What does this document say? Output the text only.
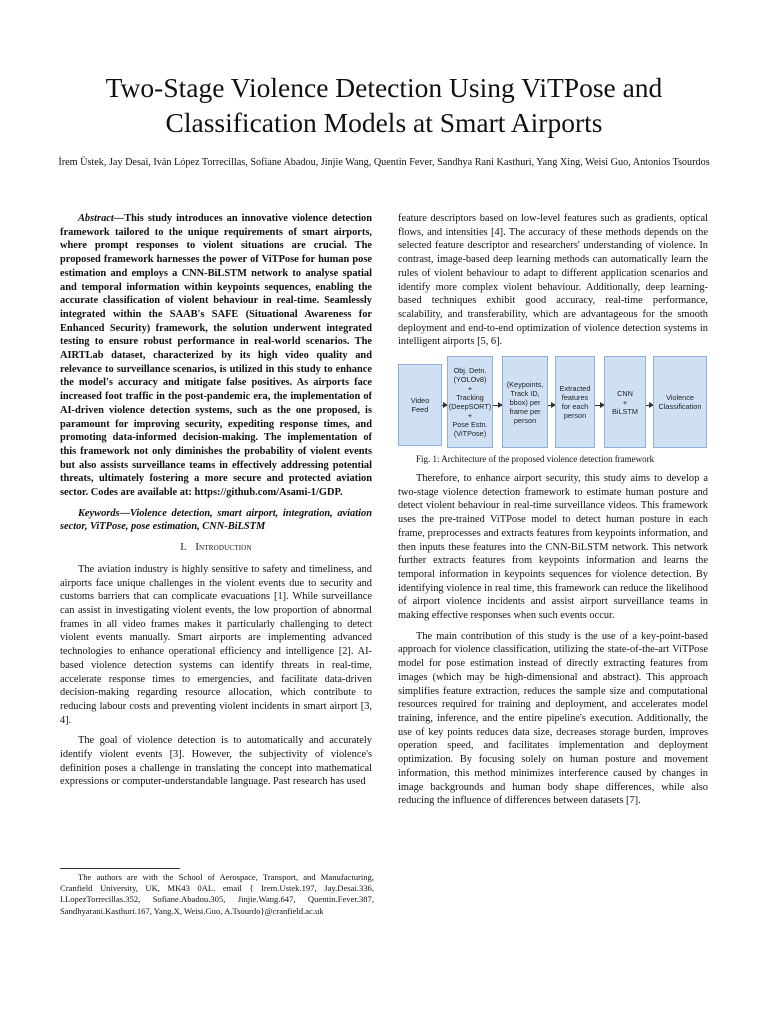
Two-Stage Violence Detection Using ViTPose and Classification Models at Smart Airports
İrem Üstek, Jay Desai, Iván López Torrecillas, Sofiane Abadou, Jinjie Wang, Quentin Fever, Sandhya Rani Kasthuri, Yang Xing, Weisi Guo, Antonios Tsourdos

Abstract—This study introduces an innovative violence detection framework tailored to the unique requirements of smart airports, where prompt responses to violent situations are crucial. The proposed framework harnesses the power of ViTPose for human pose estimation and employs a CNN-BiLSTM network to analyse spatial and temporal information within keypoints sequences, enabling the accurate classification of violent behaviour in real-time. Seamlessly integrated within the SAAB's SAFE (Situational Awareness for Enhanced Security) framework, the solution underwent integrated testing to ensure robust performance in real-world scenarios. The AIRTLab dataset, characterized by its high video quality and relevance to surveillance scenarios, is utilized in this study to enhance the model's accuracy and mitigate false positives. As airports face increased foot traffic in the post-pandemic era, the implementation of AI-driven violence detection systems, such as the one proposed, is paramount for improving security, expediting response times, and promoting data-informed decision-making. The implementation of this framework not only diminishes the probability of violent events but also assists surveillance teams in effectively addressing potential threats, ultimately fostering a more secure and protected aviation sector. Codes are available at: https://github.com/Asami-1/GDP.

Keywords—Violence detection, smart airport, integration, aviation sector, ViTPose, pose estimation, CNN-BiLSTM

I. Introduction

The aviation industry is highly sensitive to safety and timeliness, and airports face unique challenges in the violent events due to security and customs barriers that can complicate evacuations [1]. While surveillance can assist in investigating violent events, the low proportion of abnormal frames in all video frames makes it particularly challenging to detect violent events manually. Smart airports are implementing advanced technologies to enhance operational efficiency and intelligence [2]. AI-based violence detection systems can identify threats in real-time, accelerate response times to emergencies, and facilitate data-driven decision-making regarding resource allocation, which contribute to reducing labour costs and preventing violent incidents in smart airport [3, 4].

The goal of violence detection is to automatically and accurately identify violent events [3]. However, the subjectivity of violence's definition poses a challenge in translating the concept into mathematical expressions or computer-understandable language. Past research has used

The authors are with the School of Aerospace, Transport, and Manufacturing, Cranfield University, UK, MK43 0AL. email { Irem.Ustek.197, Jay.Desai.336, I.LopezTorrecillas.352, Sofiane.Abadou.305, Jinjie.Wang.647, Quentin.Fever.387, Sandhyarani.Kasthuri.167, Yang.X, Weisi.Guo, A.Tsourdo}@cranfield.ac.uk

feature descriptors based on low-level features such as gradients, optical flows, and intensities [4]. The accuracy of these methods depends on the selected feature descriptor and researchers' understanding of violence. In contrast, image-based deep learning methods can automatically learn the rules of violent behaviour to adapt to different application scenarios and identify more complex violent behaviour. Additionally, deep learning-based techniques exhibit good accuracy, real-time performance, scalability, and transferability, which are advantageous for the smooth deployment and end-to-end optimization of violence detection systems in intelligent airports [5, 6].

Video
Feed
Obj. Detn.
(YOLOv8)
+
Tracking
(DeepSORT)
+
Pose Estn.
(ViTPose)
(Keypoints,
Track ID,
bbox) per
frame per
person
Extracted
features
for each
person
CNN
+
BiLSTM
Violence
Classification

Fig. 1: Architecture of the proposed violence detection framework

Therefore, to enhance airport security, this study aims to develop a two-stage violence detection framework to estimate human posture and detect violent behaviour in real-time surveillance videos. This framework uses the pre-trained ViTPose model to detect human posture in each frame, preprocesses and extracts features from keypoints information, and then inputs these features into the CNN-BiLSTM network. This network further extracts features from keypoints information and learns the temporal information in keypoints sequences for violence detection. By identifying violence in real time, this framework can reduce the likelihood of airport violence incidents and assist airport surveillance teams in making effective responses when such events occur.

The main contribution of this study is the use of a key-point-based approach for violence classification, utilizing the state-of-the-art ViTPose model for pose estimation instead of directly extracting features from images (which may be high-dimensional and abstract). This approach simplifies feature extraction, reduces the sample size and computational resources required for training and deployment, and accelerates model training, inference, and the entire pipeline's execution. Additionally, the use of key points reduces data size, decreases storage burden, improves operation speed, and facilitates implementation and deployment optimization. By focusing solely on human posture and movement information, this method minimizes interference caused by changes in image backgrounds and human body shape differences, while also reducing the influence of differences between datasets [7].
